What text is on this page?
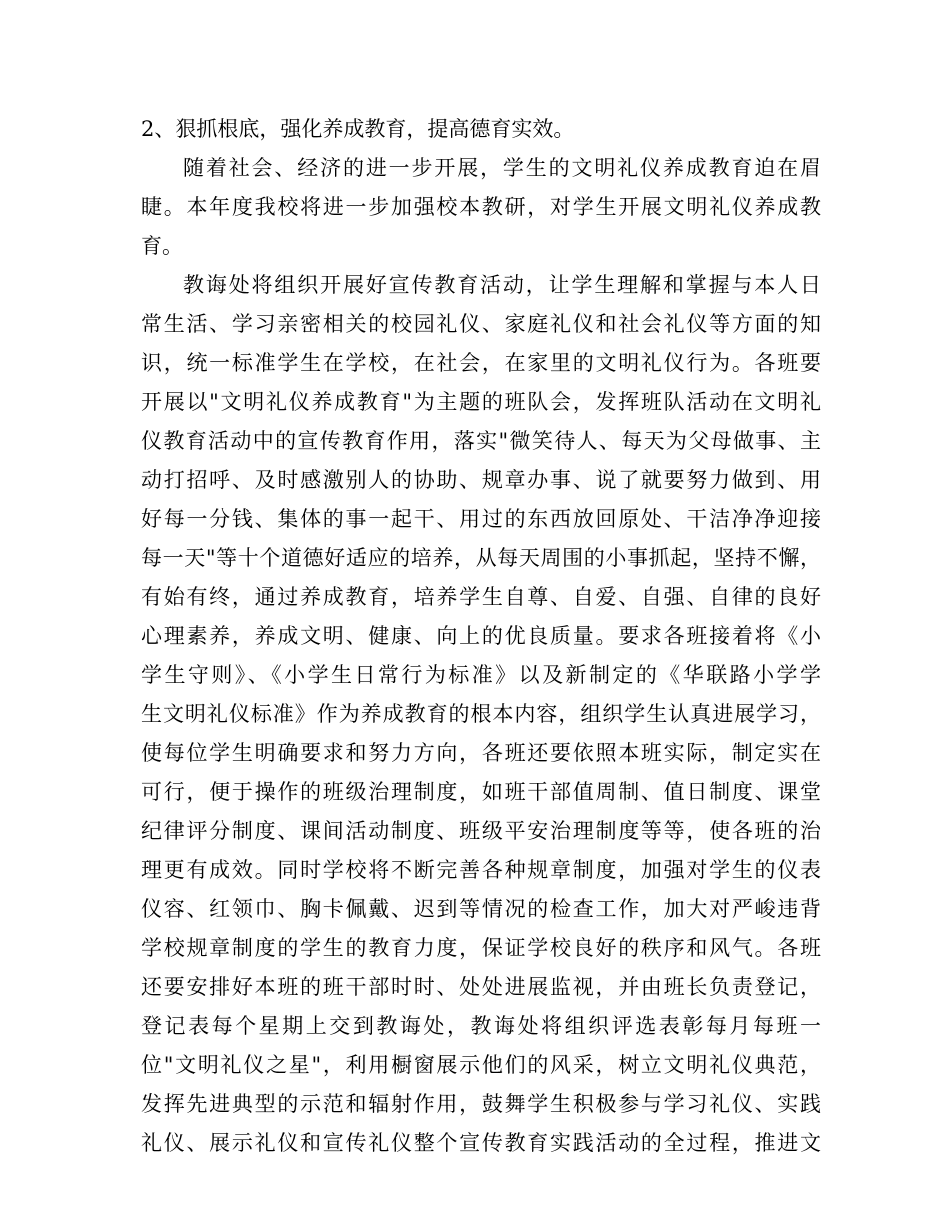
2、狠抓根底，强化养成教育，提高德育实效。
随着社会、经济的进一步开展，学生的文明礼仪养成教育迫在眉
睫。本年度我校将进一步加强校本教研，对学生开展文明礼仪养成教
育。
教诲处将组织开展好宣传教育活动，让学生理解和掌握与本人日
常生活、学习亲密相关的校园礼仪、家庭礼仪和社会礼仪等方面的知
识，统一标准学生在学校，在社会，在家里的文明礼仪行为。各班要
开展以"文明礼仪养成教育"为主题的班队会，发挥班队活动在文明礼
仪教育活动中的宣传教育作用，落实"微笑待人、每天为父母做事、主
动打招呼、及时感激别人的协助、规章办事、说了就要努力做到、用
好每一分钱、集体的事一起干、用过的东西放回原处、干洁净净迎接
每一天"等十个道德好适应的培养，从每天周围的小事抓起，坚持不懈，
有始有终，通过养成教育，培养学生自尊、自爱、自强、自律的良好
心理素养，养成文明、健康、向上的优良质量。要求各班接着将《小
学生守则》、《小学生日常行为标准》以及新制定的《华联路小学学
生文明礼仪标准》作为养成教育的根本内容，组织学生认真进展学习，
使每位学生明确要求和努力方向，各班还要依照本班实际，制定实在
可行，便于操作的班级治理制度，如班干部值周制、值日制度、课堂
纪律评分制度、课间活动制度、班级平安治理制度等等，使各班的治
理更有成效。同时学校将不断完善各种规章制度，加强对学生的仪表
仪容、红领巾、胸卡佩戴、迟到等情况的检查工作，加大对严峻违背
学校规章制度的学生的教育力度，保证学校良好的秩序和风气。各班
还要安排好本班的班干部时时、处处进展监视，并由班长负责登记，
登记表每个星期上交到教诲处，教诲处将组织评选表彰每月每班一
位"文明礼仪之星"，利用橱窗展示他们的风采，树立文明礼仪典范，
发挥先进典型的示范和辐射作用，鼓舞学生积极参与学习礼仪、实践
礼仪、展示礼仪和宣传礼仪整个宣传教育实践活动的全过程，推进文
